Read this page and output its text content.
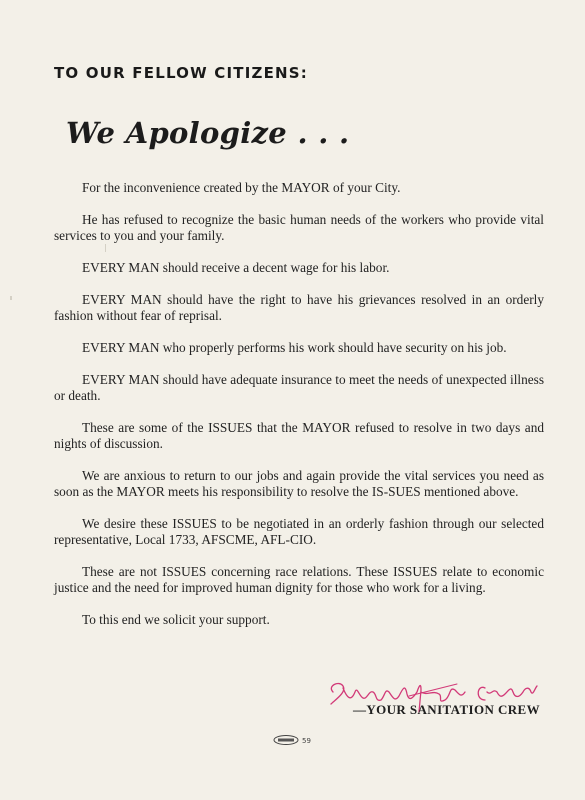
TO OUR FELLOW CITIZENS:
We Apologize . . .

For the inconvenience created by the MAYOR of your City.

He has refused to recognize the basic human needs of the workers who provide vital services to you and your family.

EVERY MAN should receive a decent wage for his labor.

EVERY MAN should have the right to have his grievances resolved in an orderly fashion without fear of reprisal.

EVERY MAN who properly performs his work should have security on his job.

EVERY MAN should have adequate insurance to meet the needs of unexpected illness or death.

These are some of the ISSUES that the MAYOR refused to resolve in two days and nights of discussion.

We are anxious to return to our jobs and again provide the vital services you need as soon as the MAYOR meets his responsibility to resolve the IS-SUES mentioned above.

We desire these ISSUES to be negotiated in an orderly fashion through our selected representative, Local 1733, AFSCME, AFL-CIO.

These are not ISSUES concerning race relations. These ISSUES relate to economic justice and the need for improved human dignity for those who work for a living.

To this end we solicit your support.

—YOUR SANITATION CREW
59
